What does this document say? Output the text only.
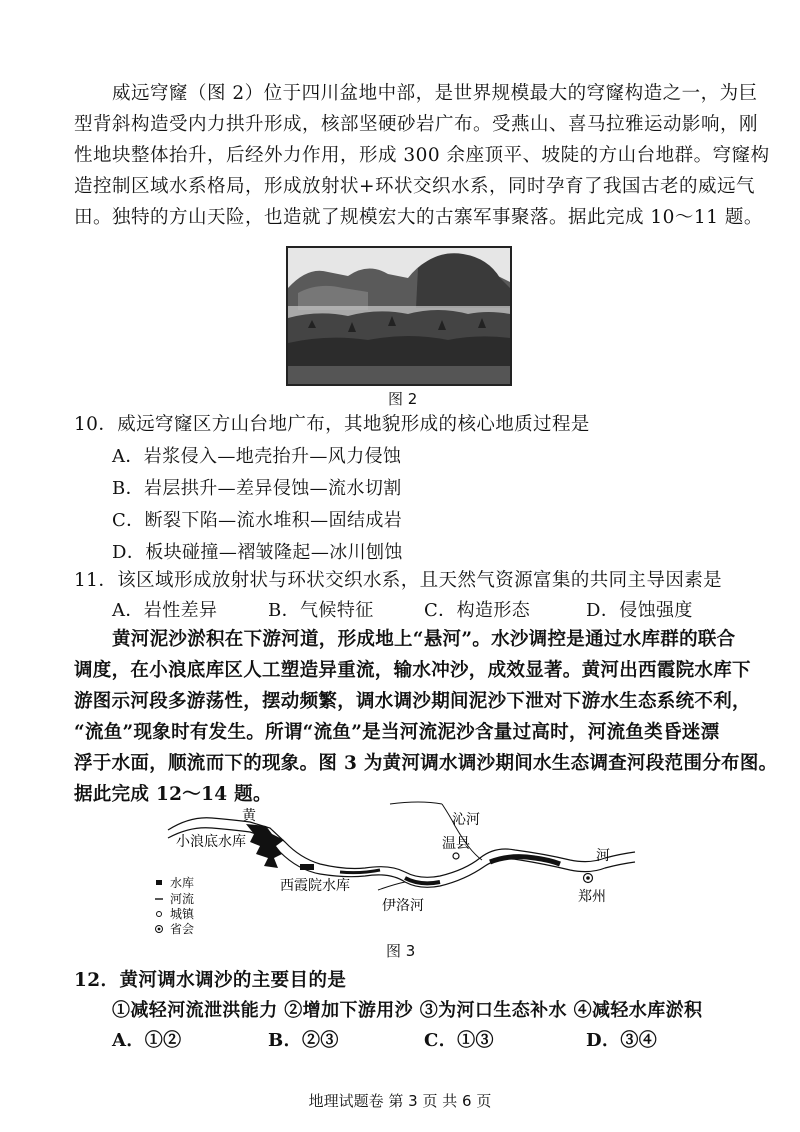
威远穹窿（图 2）位于四川盆地中部，是世界规模最大的穹窿构造之一，为巨
型背斜构造受内力拱升形成，核部坚硬砂岩广布。受燕山、喜马拉雅运动影响，刚
性地块整体抬升，后经外力作用，形成 300 余座顶平、坡陡的方山台地群。穹窿构
造控制区域水系格局，形成放射状+环状交织水系，同时孕育了我国古老的威远气
田。独特的方山天险，也造就了规模宏大的古寨军事聚落。据此完成 10～11 题。
图 2
10．威远穹窿区方山台地广布，其地貌形成的核心地质过程是
A．岩浆侵入—地壳抬升—风力侵蚀
B．岩层拱升—差异侵蚀—流水切割
C．断裂下陷—流水堆积—固结成岩
D．板块碰撞—褶皱隆起—冰川刨蚀
11．该区域形成放射状与环状交织水系，且天然气资源富集的共同主导因素是
A．岩性差异	B．气候特征	C．构造形态	D．侵蚀强度
黄河泥沙淤积在下游河道，形成地上“悬河”。水沙调控是通过水库群的联合
调度，在小浪底库区人工塑造异重流，输水冲沙，成效显著。黄河出西霞院水库下
游图示河段多游荡性，摆动频繁，调水调沙期间泥沙下泄对下游水生态系统不利，
“流鱼”现象时有发生。所谓“流鱼”是当河流泥沙含量过高时，河流鱼类昏迷漂
浮于水面，顺流而下的现象。图 3 为黄河调水调沙期间水生态调查河段范围分布图。
据此完成 12～14 题。
黄
小浪底水库
西霞院水库
沁河
温县
河
郑州
伊洛河
水库
河流
城镇
省会
图 3
12．黄河调水调沙的主要目的是
①减轻河流泄洪能力 ②增加下游用沙 ③为河口生态补水 ④减轻水库淤积
A．①②	B．②③	C．①③	D．③④
地理试题卷 第 3 页 共 6 页
